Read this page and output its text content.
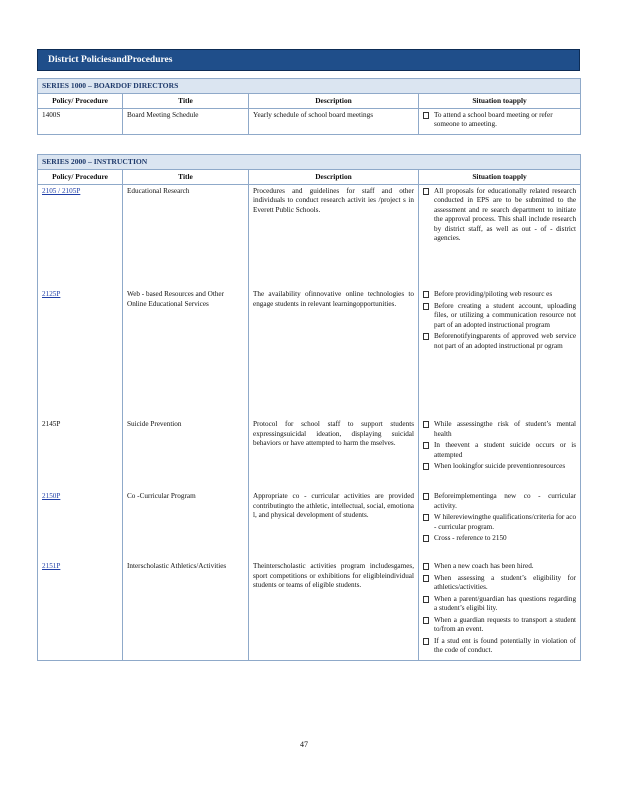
District PoliciesandProcedures
SERIES 1000 – BOARDOF DIRECTORS			
Policy/ Procedure	Title	Description	Situation toapply
1400S	Board Meeting Schedule	Yearly schedule of school board meetings	To attend a school board meeting or refer someone to ameeting.
SERIES 2000 – INSTRUCTION			
Policy/ Procedure	Title	Description	Situation toapply
2105 / 2105P	Educational Research	Procedures and guidelines for staff and other individuals to conduct research activit ies /project s in Everett Public Schools.	All proposals for educationally related research conducted in EPS are to be submitted to the assessment and re search department to initiate the approval process. This shall include research by district staff, as well as out - of - district agencies.

2125P	Web - based Resources and Other Online Educational Services	The availability ofinnovative online technologies to engage students in relevant learningopportunities.	Before providing/piloting web resourc es
Before creating a student account, uploading files, or utilizing a communication resource not part of an adopted instructional program
Beforenotifyingparents of approved web service not part of an adopted instructional pr ogram

2145P	Suicide Prevention	Protocol for school staff to support students expressingsuicidal ideation, displaying suicidal behaviors or have attempted to harm the mselves.	While assessingthe risk of student’s mental health
In theevent a student suicide occurs or is attempted
When lookingfor suicide preventionresources

2150P	Co -Curricular Program	Appropriate co - curricular activities are provided contributingto the athletic, intellectual, social, emotiona l, and physical development of students.	Beforeimplementinga new co - curricular activity.
W hilereviewingthe qualifications/criteria for aco - curricular program.
Cross - reference to 2150

2151P	Interscholastic Athletics/Activities	Theinterscholastic activities program includesgames, sport competitions or exhibitions for eligibleindividual students or teams of eligible students.	When a new coach has been hired.
When assessing a student’s eligibility for athletics/activities.
When a parent/guardian has questions regarding a student’s eligibi lity.
When a guardian requests to transport a student to/from an event.
If a stud ent is found potentially in violation of the code of conduct.
47
